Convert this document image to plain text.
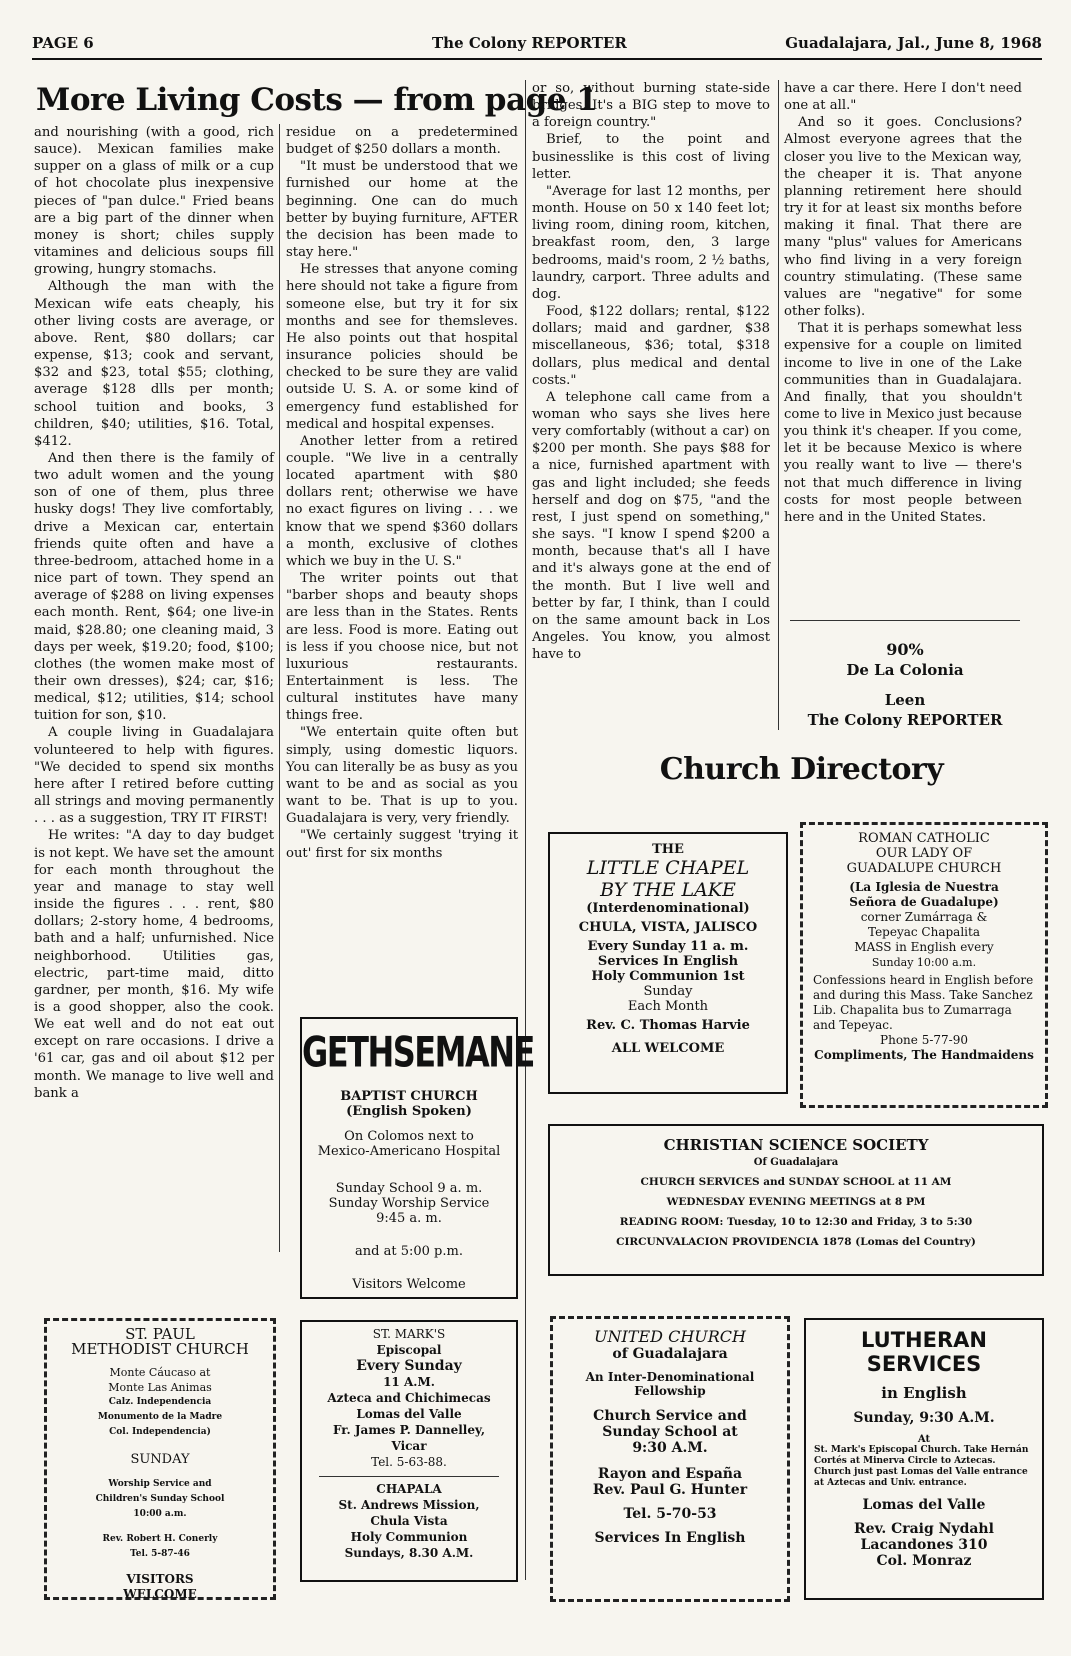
PAGE 6	The Colony REPORTER	Guadalajara, Jal., June 8, 1968
More Living Costs — from page 1

and nourishing (with a good, rich sauce). Mexican families make supper on a glass of milk or a cup of hot chocolate plus inexpensive pieces of "pan dulce." Fried beans are a big part of the dinner when money is short; chiles supply vitamines and delicious soups fill growing, hungry stomachs.

Although the man with the Mexican wife eats cheaply, his other living costs are average, or above. Rent, $80 dollars; car expense, $13; cook and servant, $32 and $23, total $55; clothing, average $128 dlls per month; school tuition and books, 3 children, $40; utilities, $16. Total, $412.

And then there is the family of two adult women and the young son of one of them, plus three husky dogs! They live comfortably, drive a Mexican car, entertain friends quite often and have a three-bedroom, attached home in a nice part of town. They spend an average of $288 on living expenses each month. Rent, $64; one live-in maid, $28.80; one cleaning maid, 3 days per week, $19.20; food, $100; clothes (the women make most of their own dresses), $24; car, $16; medical, $12; utilities, $14; school tuition for son, $10.

A couple living in Guadalajara volunteered to help with figures. "We decided to spend six months here after I retired before cutting all strings and moving permanently . . . as a suggestion, TRY IT FIRST!

He writes: "A day to day budget is not kept. We have set the amount for each month throughout the year and manage to stay well inside the figures . . . rent, $80 dollars; 2-story home, 4 bedrooms, bath and a half; unfurnished. Nice neighborhood. Utilities gas, electric, part-time maid, ditto gardner, per month, $16. My wife is a good shopper, also the cook. We eat well and do not eat out except on rare occasions. I drive a '61 car, gas and oil about $12 per month. We manage to live well and bank a

residue on a predetermined budget of $250 dollars a month.

"It must be understood that we furnished our home at the beginning. One can do much better by buying furniture, AFTER the decision has been made to stay here."

He stresses that anyone coming here should not take a figure from someone else, but try it for six months and see for themsleves. He also points out that hospital insurance policies should be checked to be sure they are valid outside U. S. A. or some kind of emergency fund established for medical and hospital expenses.

Another letter from a retired couple. "We live in a centrally located apartment with $80 dollars rent; otherwise we have no exact figures on living . . . we know that we spend $360 dollars a month, exclusive of clothes which we buy in the U. S."

The writer points out that "barber shops and beauty shops are less than in the States. Rents are less. Food is more. Eating out is less if you choose nice, but not luxurious restaurants. Entertainment is less. The cultural institutes have many things free.

"We entertain quite often but simply, using domestic liquors. You can literally be as busy as you want to be and as social as you want to be. That is up to you. Guadalajara is very, very friendly.

"We certainly suggest 'trying it out' first for six months

or so, without burning state-side bridges. It's a BIG step to move to a foreign country."

Brief, to the point and businesslike is this cost of living letter.

"Average for last 12 months, per month. House on 50 x 140 feet lot; living room, dining room, kitchen, breakfast room, den, 3 large bedrooms, maid's room, 2 ½ baths, laundry, carport. Three adults and dog.

Food, $122 dollars; rental, $122 dollars; maid and gardner, $38 miscellaneous, $36; total, $318 dollars, plus medical and dental costs."

A telephone call came from a woman who says she lives here very comfortably (without a car) on $200 per month. She pays $88 for a nice, furnished apartment with gas and light included; she feeds herself and dog on $75, "and the rest, I just spend on something," she says. "I know I spend $200 a month, because that's all I have and it's always gone at the end of the month. But I live well and better by far, I think, than I could on the same amount back in Los Angeles. You know, you almost have to

have a car there. Here I don't need one at all."

And so it goes. Conclusions? Almost everyone agrees that the closer you live to the Mexican way, the cheaper it is. That anyone planning retirement here should try it for at least six months before making it final. That there are many "plus" values for Americans who find living in a very foreign country stimulating. (These same values are "negative" for some other folks).

That it is perhaps somewhat less expensive for a couple on limited income to live in one of the Lake communities than in Guadalajara. And finally, that you shouldn't come to live in Mexico just because you think it's cheaper. If you come, let it be because Mexico is where you really want to live — there's not that much difference in living costs for most people between here and in the United States.

90%
De La Colonia
Leen
The Colony REPORTER
Church Directory
GETHSEMANE
BAPTIST CHURCH
(English Spoken)
On Colomos next to
Mexico-Americano Hospital
Sunday School 9 a. m.
Sunday Worship Service
9:45 a. m.
and at 5:00 p.m.
Visitors Welcome
THE
LITTLE CHAPEL
BY THE LAKE
(Interdenominational)
CHULA, VISTA, JALISCO
Every Sunday 11 a. m.
Services In English
Holy Communion 1st
Sunday
Each Month
Rev. C. Thomas Harvie
ALL WELCOME
ROMAN CATHOLIC
OUR LADY OF
GUADALUPE CHURCH
(La Iglesia de Nuestra
Señora de Guadalupe)
corner Zumárraga &
Tepeyac Chapalita
MASS in English every
Sunday 10:00 a.m.
Confessions heard in English before and during this Mass. Take Sanchez Lib. Chapalita bus to Zumarraga and Tepeyac.
Phone 5-77-90
Compliments, The Handmaidens
CHRISTIAN SCIENCE SOCIETY
Of Guadalajara
CHURCH SERVICES and SUNDAY SCHOOL at 11 AM
WEDNESDAY EVENING MEETINGS at 8 PM
READING ROOM: Tuesday, 10 to 12:30 and Friday, 3 to 5:30
CIRCUNVALACION PROVIDENCIA 1878 (Lomas del Country)
ST. PAUL
METHODIST CHURCH
Monte Cáucaso at
Monte Las Animas
Calz. Independencia
Monumento de la Madre
Col. Independencia)
SUNDAY
Worship Service and
Children's Sunday School
10:00 a.m.
Rev. Robert H. Conerly
Tel. 5-87-46
VISITORS
WELCOME
ST. MARK'S
Episcopal
Every Sunday
11 A.M.
Azteca and Chichimecas
Lomas del Valle
Fr. James P. Dannelley,
Vicar
Tel. 5-63-88.
CHAPALA
St. Andrews Mission,
Chula Vista
Holy Communion
Sundays, 8.30 A.M.
UNITED CHURCH
of Guadalajara
An Inter-Denominational
Fellowship
Church Service and
Sunday School at
9:30 A.M.
Rayon and España
Rev. Paul G. Hunter
Tel. 5-70-53
Services In English
LUTHERAN
SERVICES
in English
Sunday, 9:30 A.M.
At
St. Mark's Episcopal Church. Take Hernán Cortés at Minerva Circle to Aztecas. Church just past Lomas del Valle entrance at Aztecas and Univ. entrance.
Lomas del Valle
Rev. Craig Nydahl
Lacandones 310
Col. Monraz
